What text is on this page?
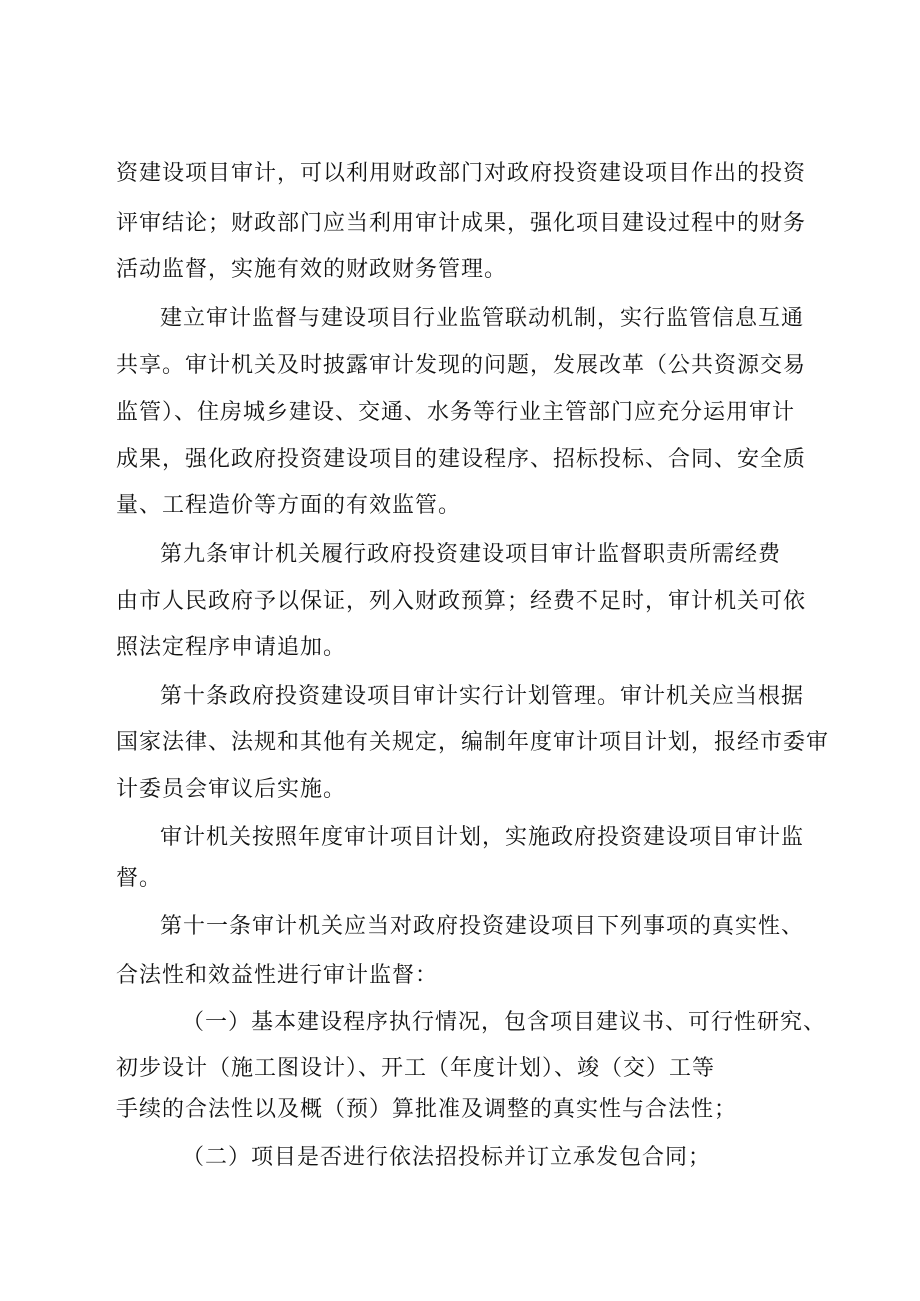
资建设项目审计，可以利用财政部门对政府投资建设项目作出的投资
评审结论；财政部门应当利用审计成果，强化项目建设过程中的财务
活动监督，实施有效的财政财务管理。
建立审计监督与建设项目行业监管联动机制，实行监管信息互通
共享。审计机关及时披露审计发现的问题，发展改革（公共资源交易
监管）、住房城乡建设、交通、水务等行业主管部门应充分运用审计
成果，强化政府投资建设项目的建设程序、招标投标、合同、安全质
量、工程造价等方面的有效监管。
第九条审计机关履行政府投资建设项目审计监督职责所需经费
由市人民政府予以保证，列入财政预算；经费不足时，审计机关可依
照法定程序申请追加。
第十条政府投资建设项目审计实行计划管理。审计机关应当根据
国家法律、法规和其他有关规定，编制年度审计项目计划，报经市委审
计委员会审议后实施。
审计机关按照年度审计项目计划，实施政府投资建设项目审计监
督。
第十一条审计机关应当对政府投资建设项目下列事项的真实性、
合法性和效益性进行审计监督：
（一）基本建设程序执行情况，包含项目建议书、可行性研究、
初步设计（施工图设计）、开工（年度计划）、竣（交）工等
手续的合法性以及概（预）算批准及调整的真实性与合法性；
（二）项目是否进行依法招投标并订立承发包合同；
